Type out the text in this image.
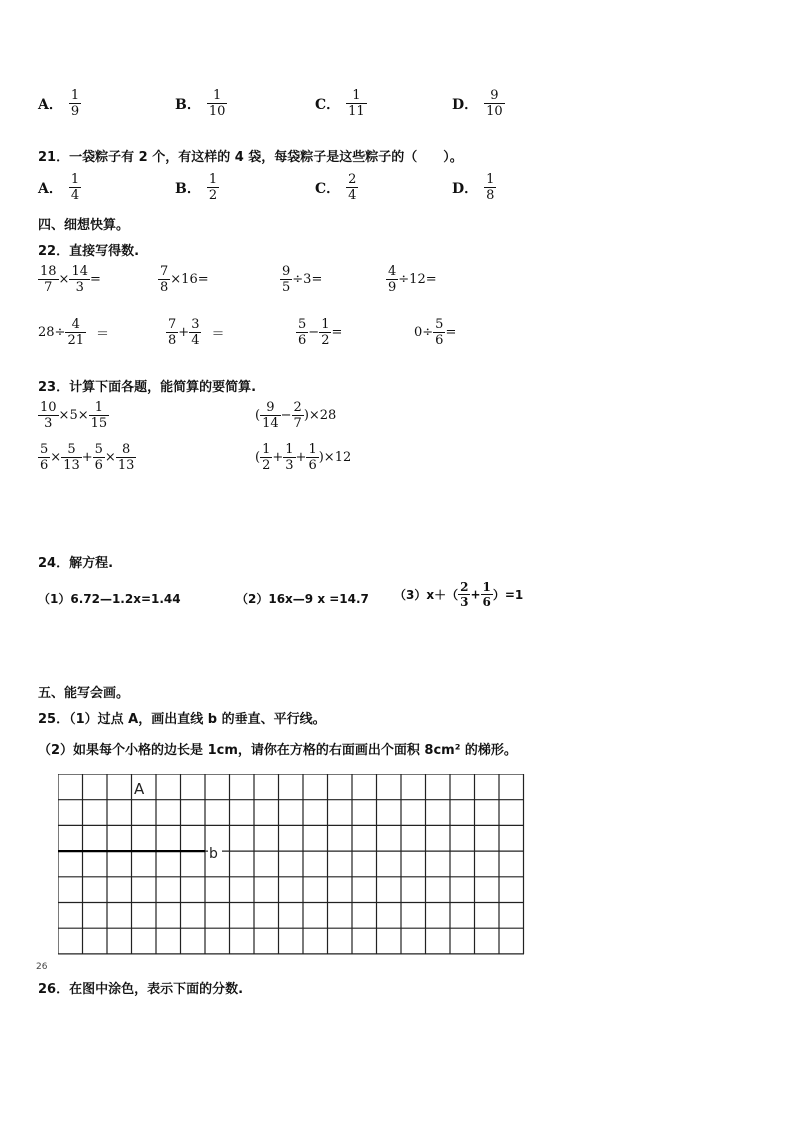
A． $\frac{1}{9}$	B． $\frac{1}{10}$	C． $\frac{1}{11}$	D． $\frac{9}{10}$
21．一袋粽子有 2 个，有这样的 4 袋，每袋粽子是这些粽子的（　　）。
A． $\frac{1}{4}$	B． $\frac{1}{2}$	C． $\frac{2}{4}$	D． $\frac{1}{8}$
四、细想快算。
22．直接写得数.
$\frac{18}{7} \times \frac{14}{3}$ =	$\frac{7}{8} \times 16=$	$\frac{9}{5} \div 3=$	$\frac{4}{9} \div 12=$
$28\div \frac{4}{21}$ ＝	$\frac{7}{8} + \frac{3}{4}$ ＝	$\frac{5}{6} - \frac{1}{2}$ =	$0\div \frac{5}{6}$ =
23．计算下面各题，能简算的要简算.
$\frac{10}{3} \times 5\times \frac{1}{15}$	( $\frac{9}{14} - \frac{2}{7} )\times 28$
$\frac{5}{6} \times \frac{5}{13} + \frac{5}{6} \times \frac{8}{13}$	( $\frac{1}{2} + \frac{1}{3} + \frac{1}{6} )\times 12$
24．解方程.
（1）6.72—1.2x=1.44	（2）16x—9 x =14.7 $(3)x+( \frac{2}{3} + \frac{1}{6} )=1$
五、能写会画。
25．（1）过点 A，画出直线 b 的垂直、平行线。
（2）如果每个小格的边长是 1cm，请你在方格的右面画出个面积 8cm² 的梯形。
b
A
26
26．在图中涂色，表示下面的分数.
